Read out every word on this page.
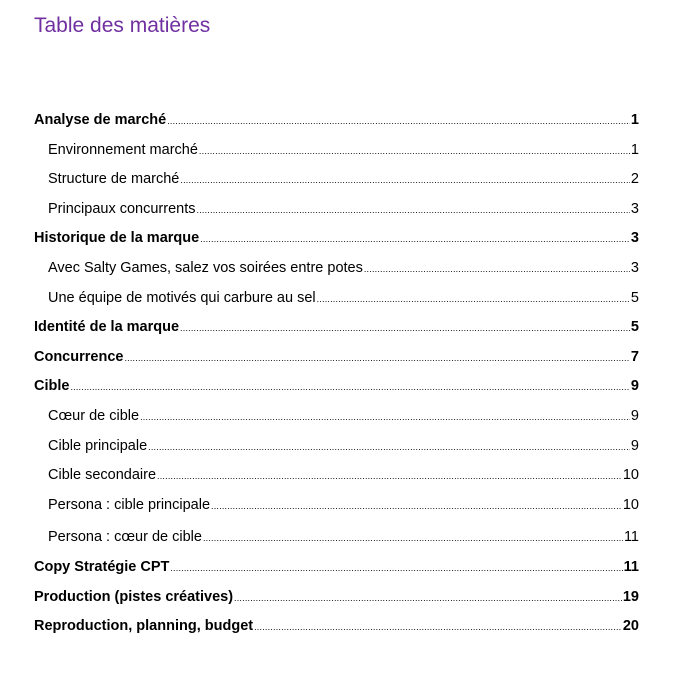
Table des matières
Analyse de marché .....	1
Environnement marché .....	1
Structure de marché .....	2
Principaux concurrents .....	3
Historique de la marque .....	3
Avec Salty Games, salez vos soirées entre potes .....	3
Une équipe de motivés qui carbure au sel .....	5
Identité de la marque .....	5
Concurrence .....	7
Cible .....	9
Cœur de cible .....	9
Cible principale .....	9
Cible secondaire .....	10
Persona : cible principale .....	10
Persona : cœur de cible .....	11
Copy Stratégie CPT .....	11
Production (pistes créatives) .....	19
Reproduction, planning, budget .....	20
